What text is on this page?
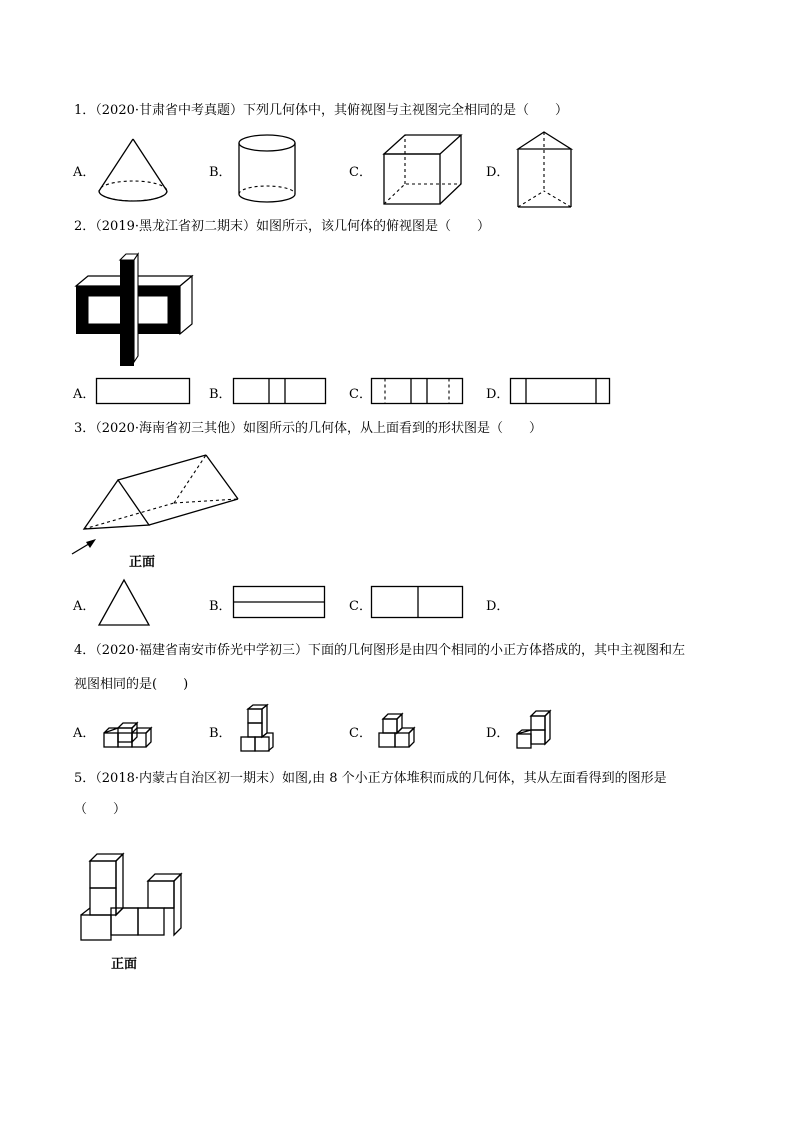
1．（2020·甘肃省中考真题）下列几何体中，其俯视图与主视图完全相同的是（　　）
A．	B．	C．	D．
2．（2019·黑龙江省初二期末）如图所示，该几何体的俯视图是（　　）
A．	B．	C．	D．
3．（2020·海南省初三其他）如图所示的几何体，从上面看到的形状图是（　　）
正面
A．	B．	C．	D．
4．（2020·福建省南安市侨光中学初三）下面的几何图形是由四个相同的小正方体搭成的，其中主视图和左
视图相同的是(　　)
A．	B．	C．	D．
5．（2018·内蒙古自治区初一期末）如图,由 8 个小正方体堆积而成的几何体，其从左面看得到的图形是
（　　）
正面
